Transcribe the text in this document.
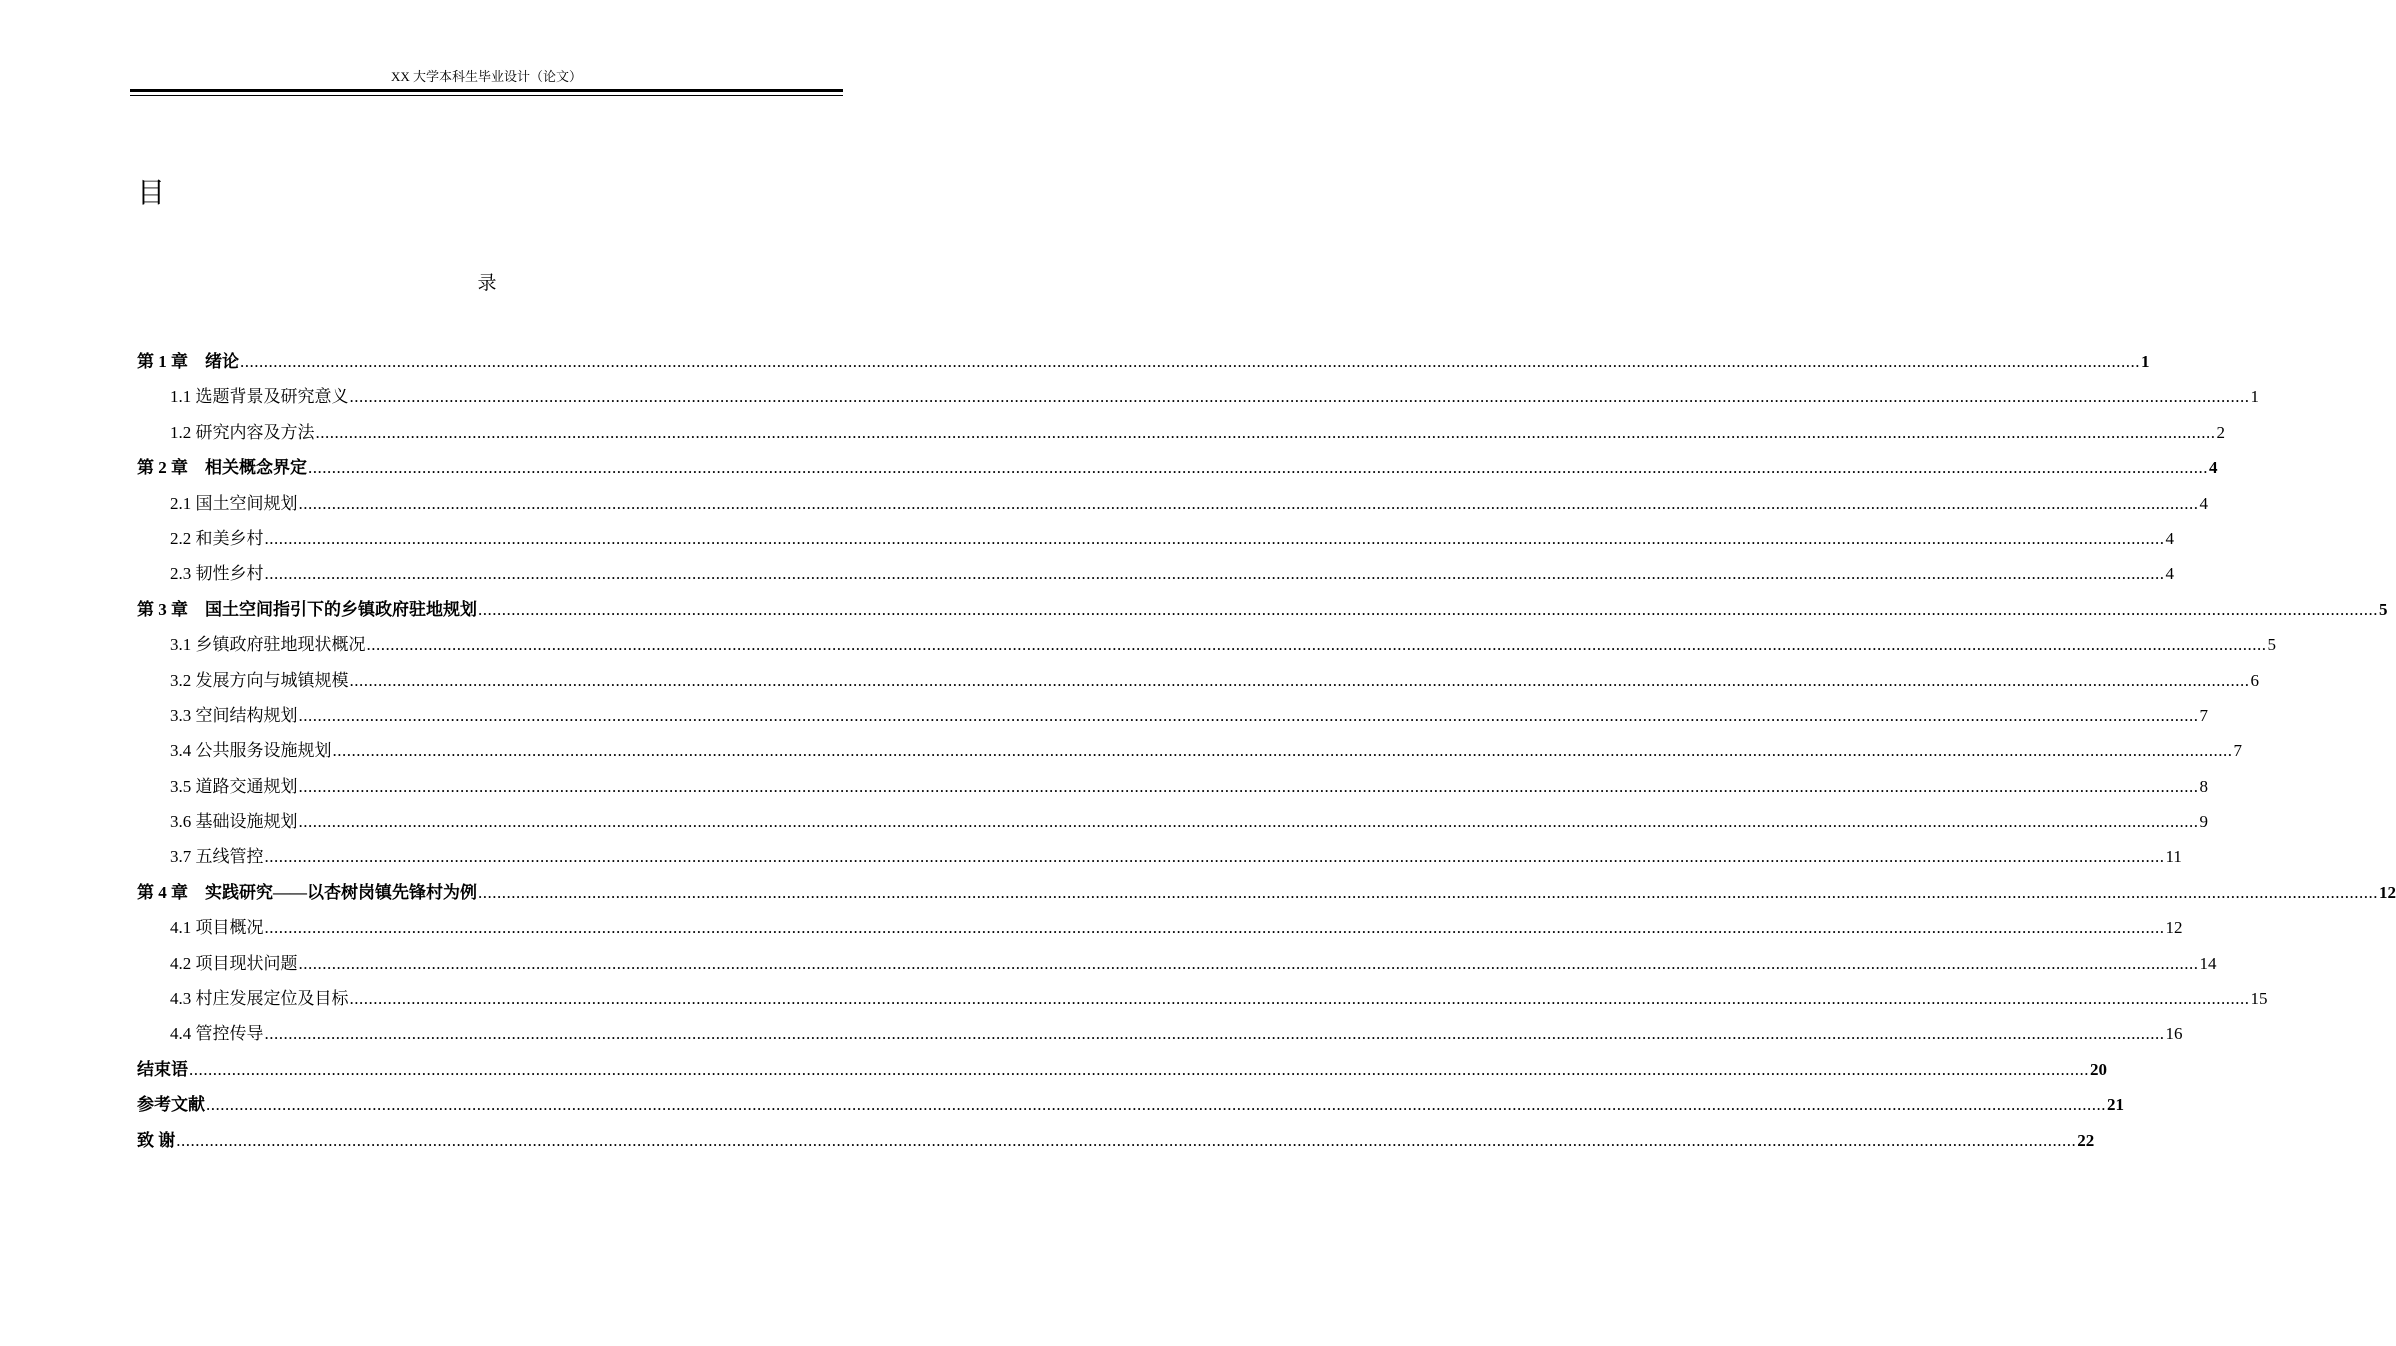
XX 大学本科生毕业设计（论文）
目
录
第 1 章　绪论 ................................................................................................................................................................................................................................................................................................................................................................................................................ 1
1.1 选题背景及研究意义 ................................................................................................................................................................................................................................................................................................................................................................................................................ 1
1.2 研究内容及方法 ................................................................................................................................................................................................................................................................................................................................................................................................................ 2
第 2 章　相关概念界定 ................................................................................................................................................................................................................................................................................................................................................................................................................ 4
2.1 国土空间规划 ................................................................................................................................................................................................................................................................................................................................................................................................................ 4
2.2 和美乡村 ................................................................................................................................................................................................................................................................................................................................................................................................................ 4
2.3 韧性乡村 ................................................................................................................................................................................................................................................................................................................................................................................................................ 4
第 3 章　国土空间指引下的乡镇政府驻地规划 ................................................................................................................................................................................................................................................................................................................................................................................................................ 5
3.1 乡镇政府驻地现状概况 ................................................................................................................................................................................................................................................................................................................................................................................................................ 5
3.2 发展方向与城镇规模 ................................................................................................................................................................................................................................................................................................................................................................................................................ 6
3.3 空间结构规划 ................................................................................................................................................................................................................................................................................................................................................................................................................ 7
3.4 公共服务设施规划 ................................................................................................................................................................................................................................................................................................................................................................................................................ 7
3.5 道路交通规划 ................................................................................................................................................................................................................................................................................................................................................................................................................ 8
3.6 基础设施规划 ................................................................................................................................................................................................................................................................................................................................................................................................................ 9
3.7 五线管控 ................................................................................................................................................................................................................................................................................................................................................................................................................ 11
第 4 章　实践研究——以杏树岗镇先锋村为例 ................................................................................................................................................................................................................................................................................................................................................................................................................ 12
4.1 项目概况 ................................................................................................................................................................................................................................................................................................................................................................................................................ 12
4.2 项目现状问题 ................................................................................................................................................................................................................................................................................................................................................................................................................ 14
4.3 村庄发展定位及目标 ................................................................................................................................................................................................................................................................................................................................................................................................................ 15
4.4 管控传导 ................................................................................................................................................................................................................................................................................................................................................................................................................ 16
结束语 ................................................................................................................................................................................................................................................................................................................................................................................................................ 20
参考文献 ................................................................................................................................................................................................................................................................................................................................................................................................................ 21
致 谢 ................................................................................................................................................................................................................................................................................................................................................................................................................ 22
